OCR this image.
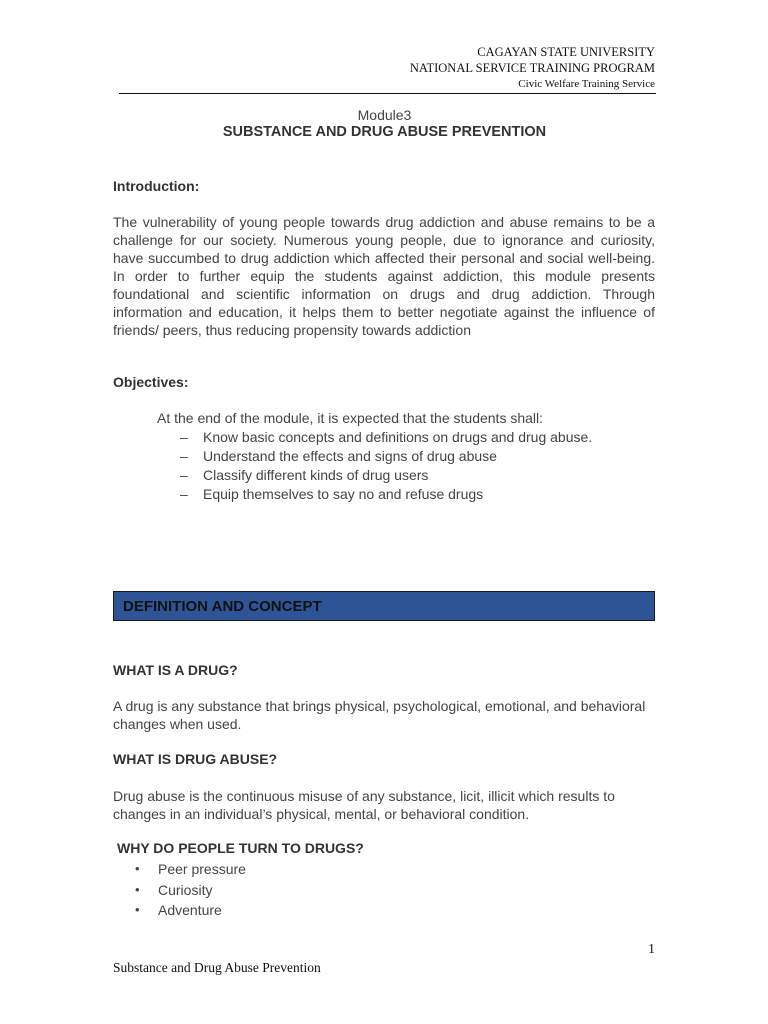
CAGAYAN STATE UNIVERSITY
NATIONAL SERVICE TRAINING PROGRAM
Civic Welfare Training Service
Module3
SUBSTANCE AND DRUG ABUSE PREVENTION
Introduction:
The vulnerability of young people towards drug addiction and abuse remains to be a challenge for our society. Numerous young people, due to ignorance and curiosity, have succumbed to drug addiction which affected their personal and social well-being. In order to further equip the students against addiction, this module presents foundational and scientific information on drugs and drug addiction. Through information and education, it helps them to better negotiate against the influence of friends/ peers, thus reducing propensity towards addiction
Objectives:
At the end of the module, it is expected that the students shall:
– Know basic concepts and definitions on drugs and drug abuse.
– Understand the effects and signs of drug abuse
– Classify different kinds of drug users
– Equip themselves to say no and refuse drugs
DEFINITION AND CONCEPT
WHAT IS A DRUG?
A drug is any substance that brings physical, psychological, emotional, and behavioral changes when used.
WHAT IS DRUG ABUSE?
Drug abuse is the continuous misuse of any substance, licit, illicit which results to changes in an individual’s physical, mental, or behavioral condition.
WHY DO PEOPLE TURN TO DRUGS?
• Peer pressure
• Curiosity
• Adventure
1
Substance and Drug Abuse Prevention
